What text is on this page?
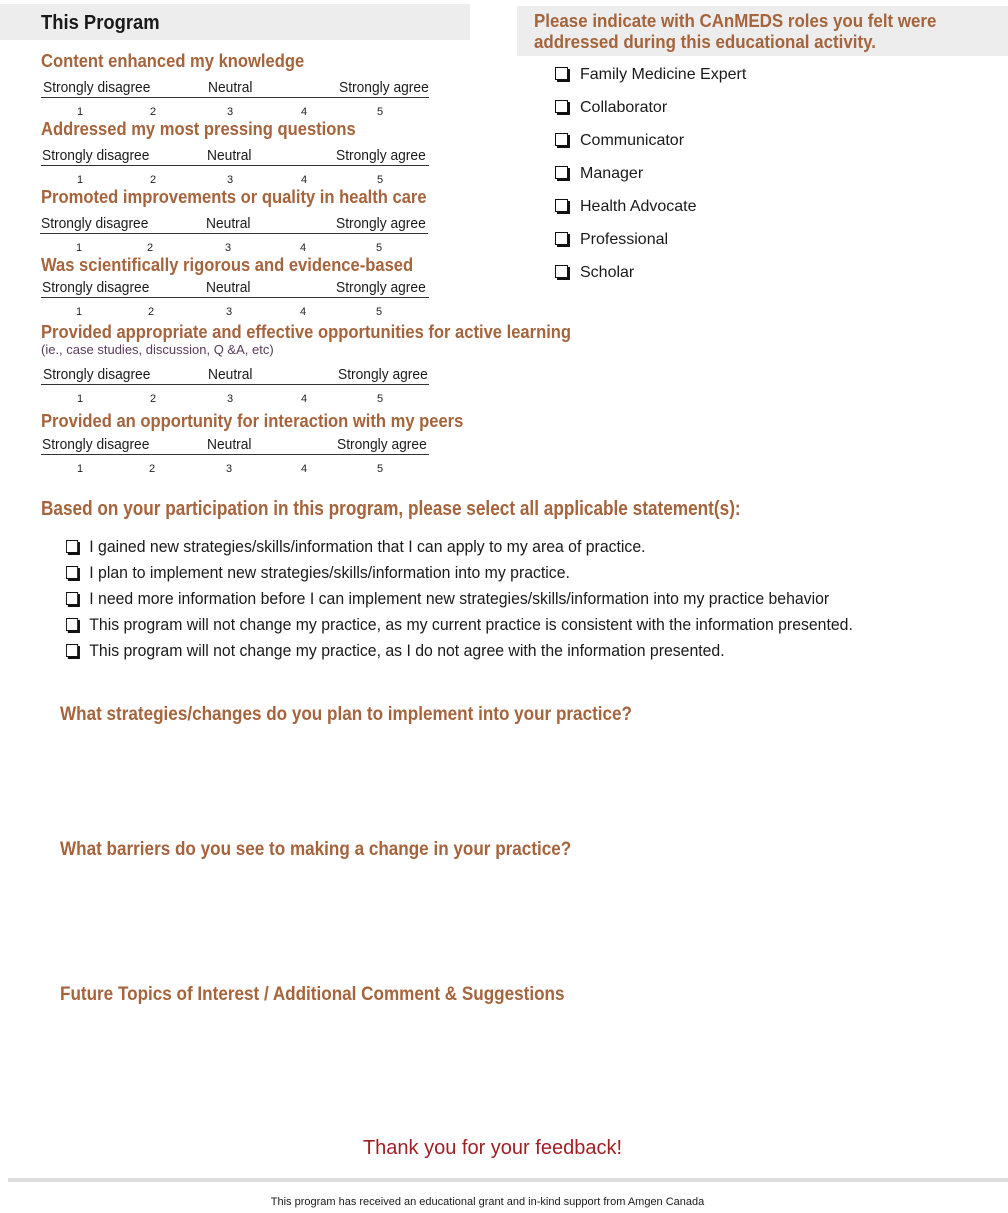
This Program	Please indicate with CAnMEDS roles you felt were addressed during this educational activity.
Content enhanced my knowledge
Strongly disagree	Neutral	Strongly agree
1	2	3	4	5
Addressed my most pressing questions
Strongly disagree	Neutral	Strongly agree
1	2	3	4	5
Promoted improvements or quality in health care
Strongly disagree	Neutral	Strongly agree
1	2	3	4	5
Was scientifically rigorous and evidence-based
Strongly disagree	Neutral	Strongly agree
1	2	3	4	5
Provided appropriate and effective opportunities for active learning
(ie., case studies, discussion, Q &A, etc)
Strongly disagree	Neutral	Strongly agree
1	2	3	4	5
Provided an opportunity for interaction with my peers
Strongly disagree	Neutral	Strongly agree
1	2	3	4	5
Family Medicine Expert
Collaborator
Communicator
Manager
Health Advocate
Professional
Scholar
Based on your participation in this program, please select all applicable statement(s):
I gained new strategies/skills/information that I can apply to my area of practice.
I plan to implement new strategies/skills/information into my practice.
I need more information before I can implement new strategies/skills/information into my practice behavior
This program will not change my practice, as my current practice is consistent with the information presented.
This program will not change my practice, as I do not agree with the information presented.
What strategies/changes do you plan to implement into your practice?
What barriers do you see to making a change in your practice?
Future Topics of Interest / Additional Comment & Suggestions
Thank you for your feedback!
This program has received an educational grant and in-kind support from Amgen Canada
